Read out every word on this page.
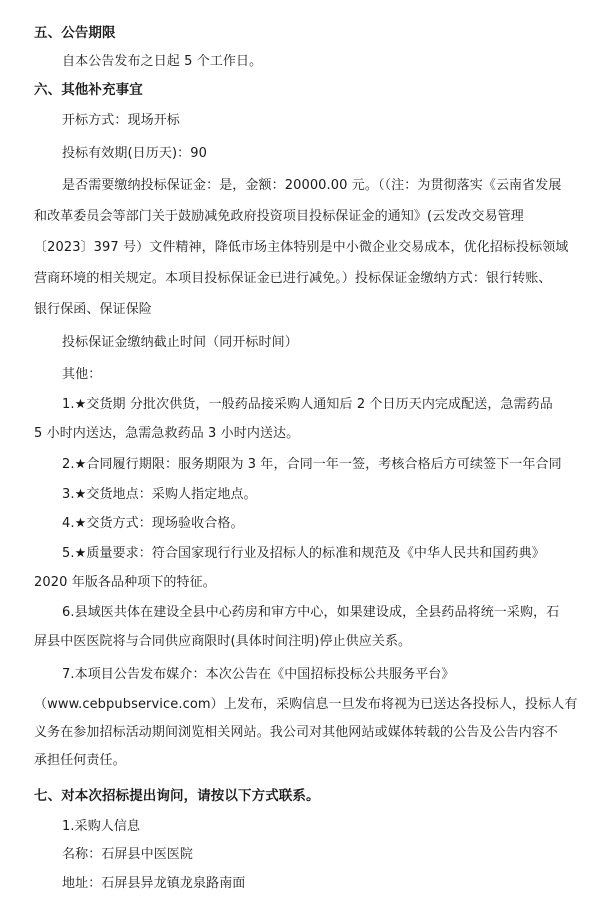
五、公告期限
自本公告发布之日起 5 个工作日。
六、其他补充事宜
开标方式：现场开标
投标有效期(日历天)：90
是否需要缴纳投标保证金：是，金额：20000.00 元。（（注：为贯彻落实《云南省发展
和改革委员会等部门关于鼓励减免政府投资项目投标保证金的通知》(云发改交易管理
〔2023〕397 号）文件精神，降低市场主体特别是中小微企业交易成本，优化招标投标领域
营商环境的相关规定。本项目投标保证金已进行减免。）投标保证金缴纳方式：银行转账、
银行保函、保证保险
投标保证金缴纳截止时间（同开标时间）
其他：
1.★交货期 分批次供货，一般药品接采购人通知后 2 个日历天内完成配送，急需药品
5 小时内送达，急需急救药品 3 小时内送达。
2.★合同履行期限：服务期限为 3 年，合同一年一签，考核合格后方可续签下一年合同
3.★交货地点：采购人指定地点。
4.★交货方式：现场验收合格。
5.★质量要求：符合国家现行行业及招标人的标准和规范及《中华人民共和国药典》
2020 年版各品种项下的特征。
6.县域医共体在建设全县中心药房和审方中心，如果建设成，全县药品将统一采购，石
屏县中医医院将与合同供应商限时(具体时间注明)停止供应关系。
7.本项目公告发布媒介：本次公告在《中国招标投标公共服务平台》
（www.cebpubservice.com）上发布，采购信息一旦发布将视为已送达各投标人，投标人有
义务在参加招标活动期间浏览相关网站。我公司对其他网站或媒体转载的公告及公告内容不
承担任何责任。
七、对本次招标提出询问，请按以下方式联系。
1.采购人信息
名称：石屏县中医医院
地址：石屏县异龙镇龙泉路南面
